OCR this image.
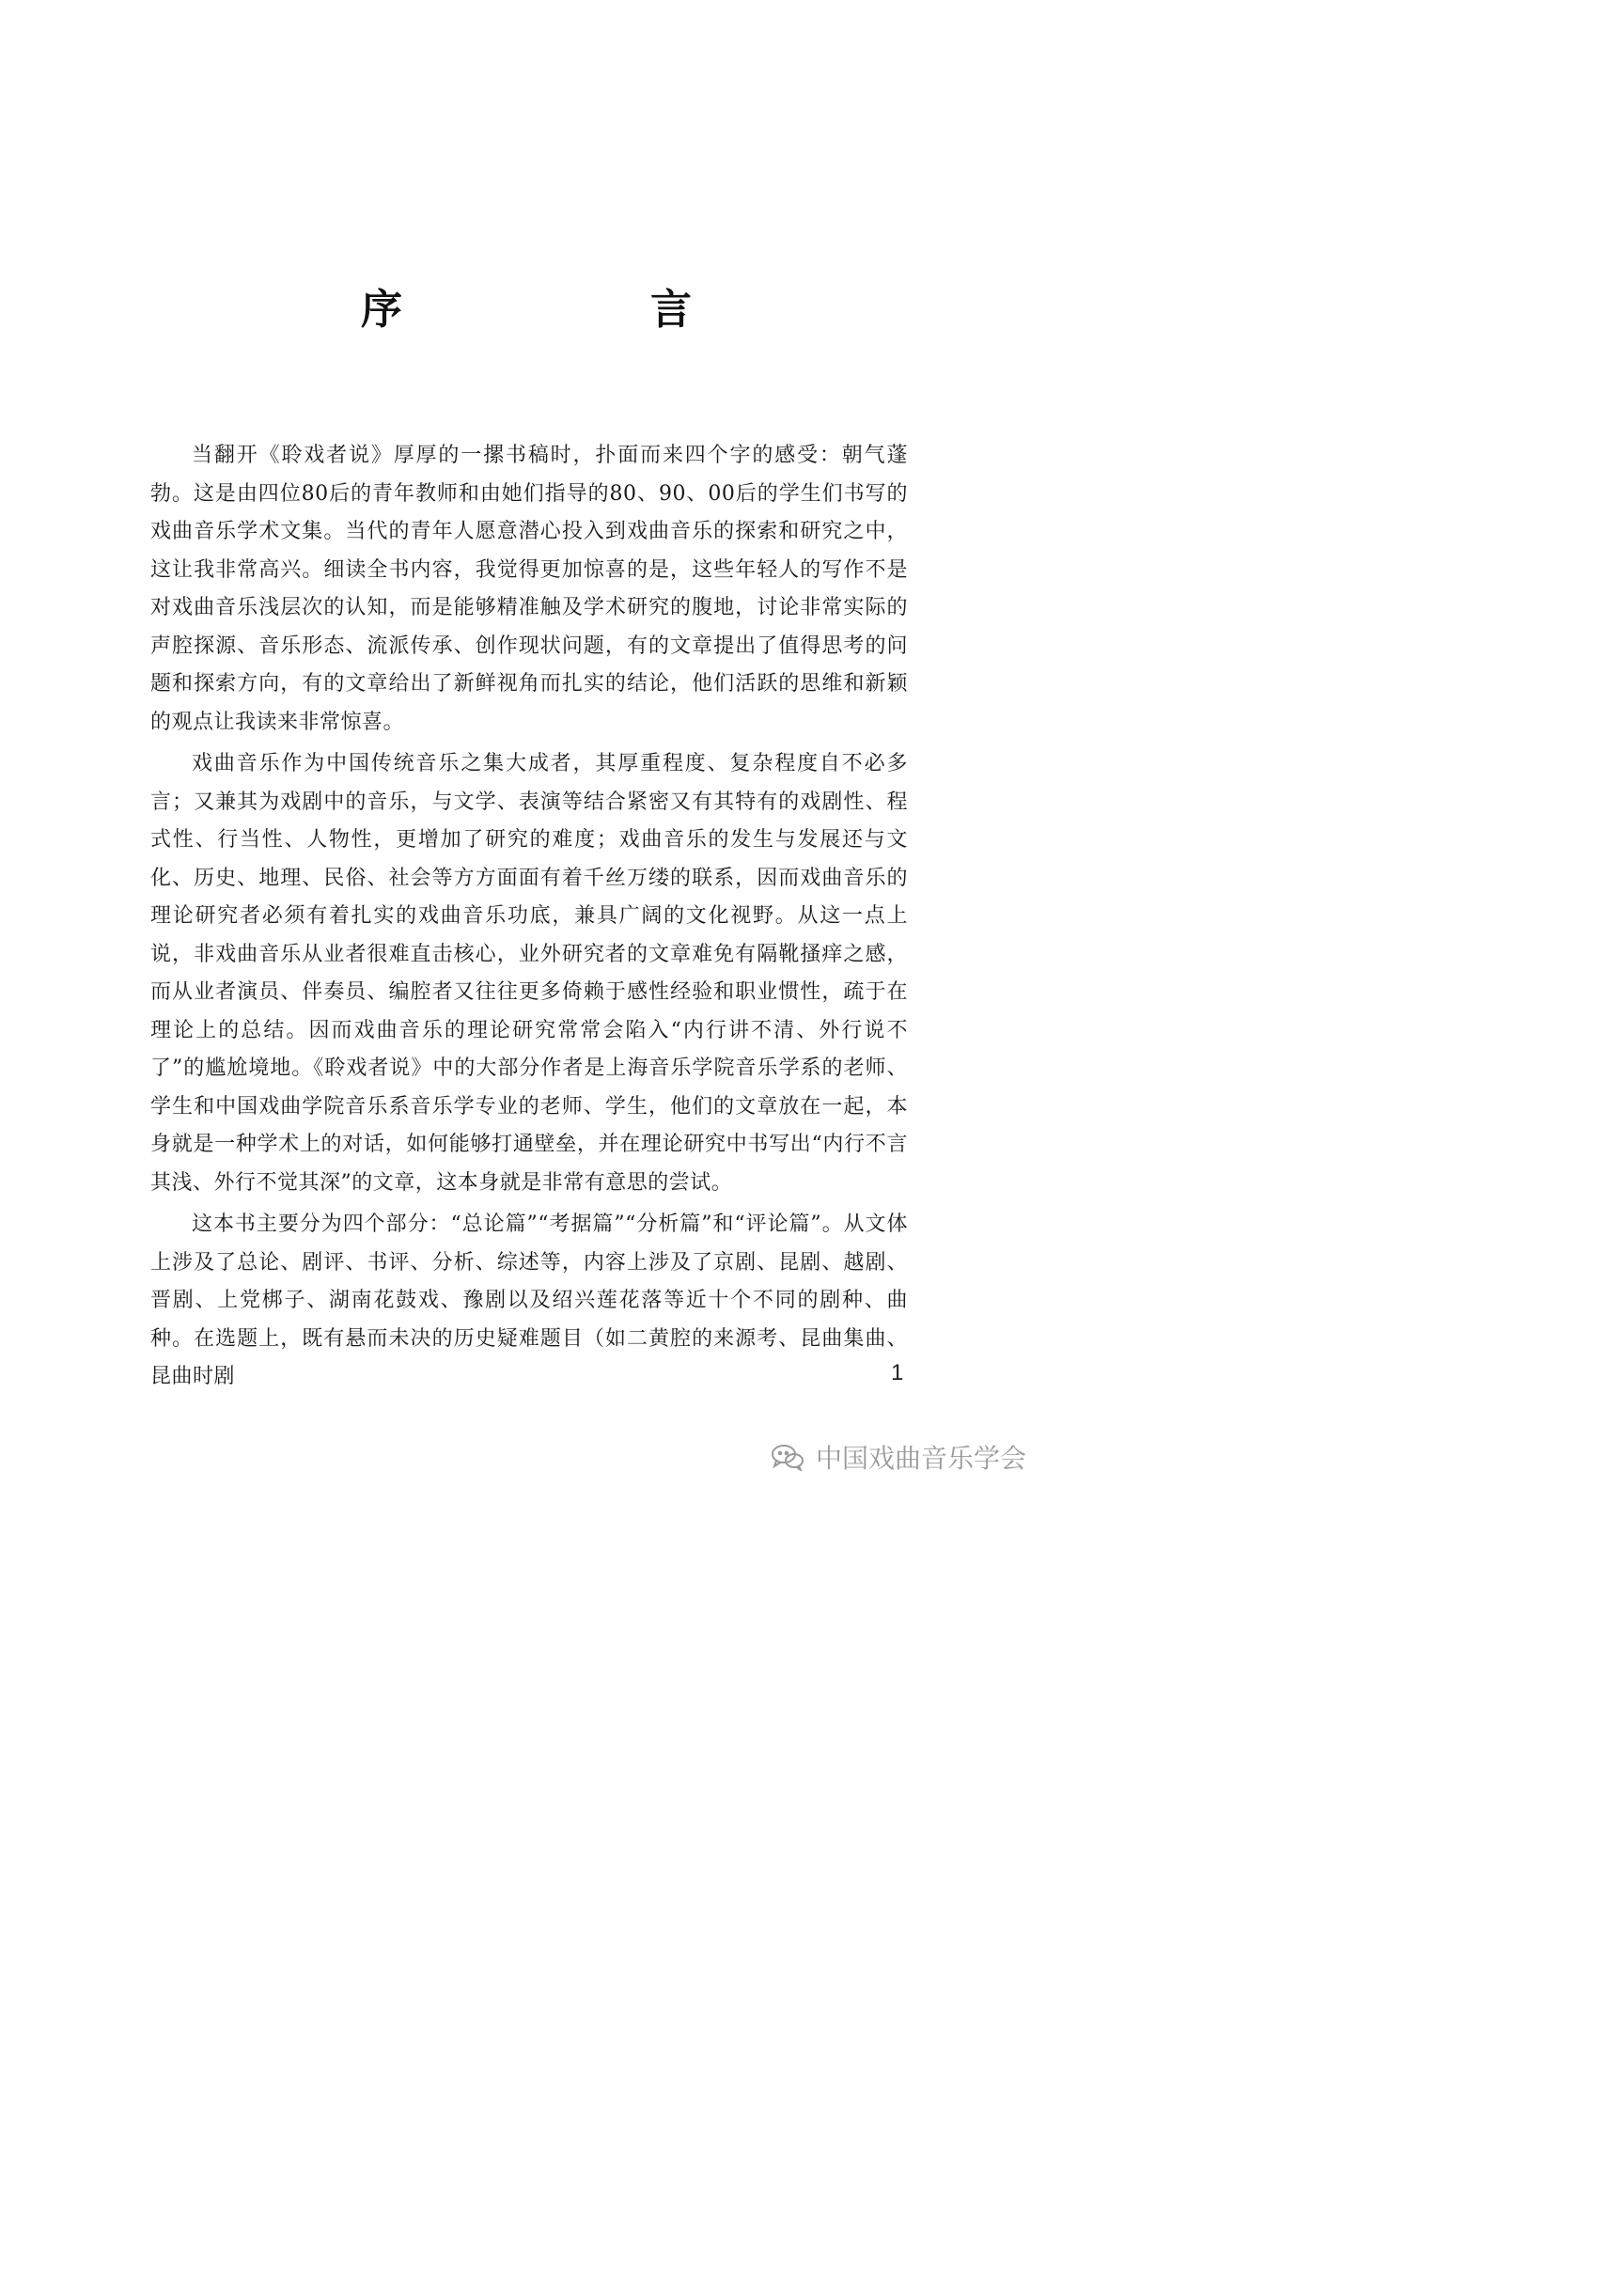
序　言

当翻开《聆戏者说》厚厚的一摞书稿时，扑面而来四个字的感受：朝气蓬勃。这是由四位80后的青年教师和由她们指导的80、90、00后的学生们书写的戏曲音乐学术文集。当代的青年人愿意潜心投入到戏曲音乐的探索和研究之中，这让我非常高兴。细读全书内容，我觉得更加惊喜的是，这些年轻人的写作不是对戏曲音乐浅层次的认知，而是能够精准触及学术研究的腹地，讨论非常实际的声腔探源、音乐形态、流派传承、创作现状问题，有的文章提出了值得思考的问题和探索方向，有的文章给出了新鲜视角而扎实的结论，他们活跃的思维和新颖的观点让我读来非常惊喜。

戏曲音乐作为中国传统音乐之集大成者，其厚重程度、复杂程度自不必多言；又兼其为戏剧中的音乐，与文学、表演等结合紧密又有其特有的戏剧性、程式性、行当性、人物性，更增加了研究的难度；戏曲音乐的发生与发展还与文化、历史、地理、民俗、社会等方方面面有着千丝万缕的联系，因而戏曲音乐的理论研究者必须有着扎实的戏曲音乐功底，兼具广阔的文化视野。从这一点上说，非戏曲音乐从业者很难直击核心，业外研究者的文章难免有隔靴搔痒之感，而从业者演员、伴奏员、编腔者又往往更多倚赖于感性经验和职业惯性，疏于在理论上的总结。因而戏曲音乐的理论研究常常会陷入“内行讲不清、外行说不了”的尴尬境地。《聆戏者说》中的大部分作者是上海音乐学院音乐学系的老师、学生和中国戏曲学院音乐系音乐学专业的老师、学生，他们的文章放在一起，本身就是一种学术上的对话，如何能够打通壁垒，并在理论研究中书写出“内行不言其浅、外行不觉其深”的文章，这本身就是非常有意思的尝试。

这本书主要分为四个部分：“总论篇”“考据篇”“分析篇”和“评论篇”。从文体上涉及了总论、剧评、书评、分析、综述等，内容上涉及了京剧、昆剧、越剧、晋剧、上党梆子、湖南花鼓戏、豫剧以及绍兴莲花落等近十个不同的剧种、曲种。在选题上，既有悬而未决的历史疑难题目（如二黄腔的来源考、昆曲集曲、昆曲时剧	1
中国戏曲音乐学会
